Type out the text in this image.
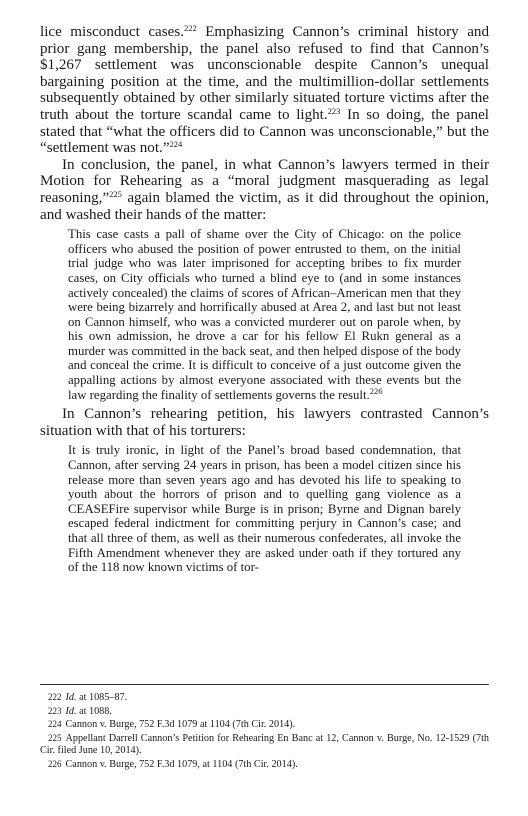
lice misconduct cases.$^{222}$ Emphasizing Cannon’s criminal history and prior gang membership, the panel also refused to find that Cannon’s $1,267 settlement was unconscionable despite Cannon’s unequal bargaining position at the time, and the multimillion-dollar settlements subsequently obtained by other similarly situated torture victims after the truth about the torture scandal came to light.$^{223}$ In so doing, the panel stated that “what the officers did to Cannon was unconscionable,” but the “settlement was not.”$^{224}$

In conclusion, the panel, in what Cannon’s lawyers termed in their Motion for Rehearing as a “moral judgment masquerading as legal reasoning,”$^{225}$ again blamed the victim, as it did throughout the opinion, and washed their hands of the matter:

This case casts a pall of shame over the City of Chicago: on the police officers who abused the position of power entrusted to them, on the initial trial judge who was later imprisoned for accepting bribes to fix murder cases, on City officials who turned a blind eye to (and in some instances actively concealed) the claims of scores of African–American men that they were being bizarrely and horrifically abused at Area 2, and last but not least on Cannon himself, who was a convicted murderer out on parole when, by his own admission, he drove a car for his fellow El Rukn general as a murder was committed in the back seat, and then helped dispose of the body and conceal the crime. It is difficult to conceive of a just outcome given the appalling actions by almost everyone associated with these events but the law regarding the finality of settlements governs the result.$^{226}$

In Cannon’s rehearing petition, his lawyers contrasted Cannon’s situation with that of his torturers:

It is truly ironic, in light of the Panel’s broad based condemnation, that Cannon, after serving 24 years in prison, has been a model citizen since his release more than seven years ago and has devoted his life to speaking to youth about the horrors of prison and to quelling gang violence as a CEASEFire supervisor while Burge is in prison; Byrne and Dignan barely escaped federal indictment for committing perjury in Cannon’s case; and that all three of them, as well as their numerous confederates, all invoke the Fifth Amendment whenever they are asked under oath if they tortured any of the 118 now known victims of tor-

222 Id. at 1085–87.

223 Id. at 1088.

224 Cannon v. Burge, 752 F.3d 1079 at 1104 (7th Cir. 2014).

225 Appellant Darrell Cannon’s Petition for Rehearing En Banc at 12, Cannon v. Burge, No. 12-1529 (7th Cir. filed June 10, 2014).

226 Cannon v. Burge, 752 F.3d 1079, at 1104 (7th Cir. 2014).
